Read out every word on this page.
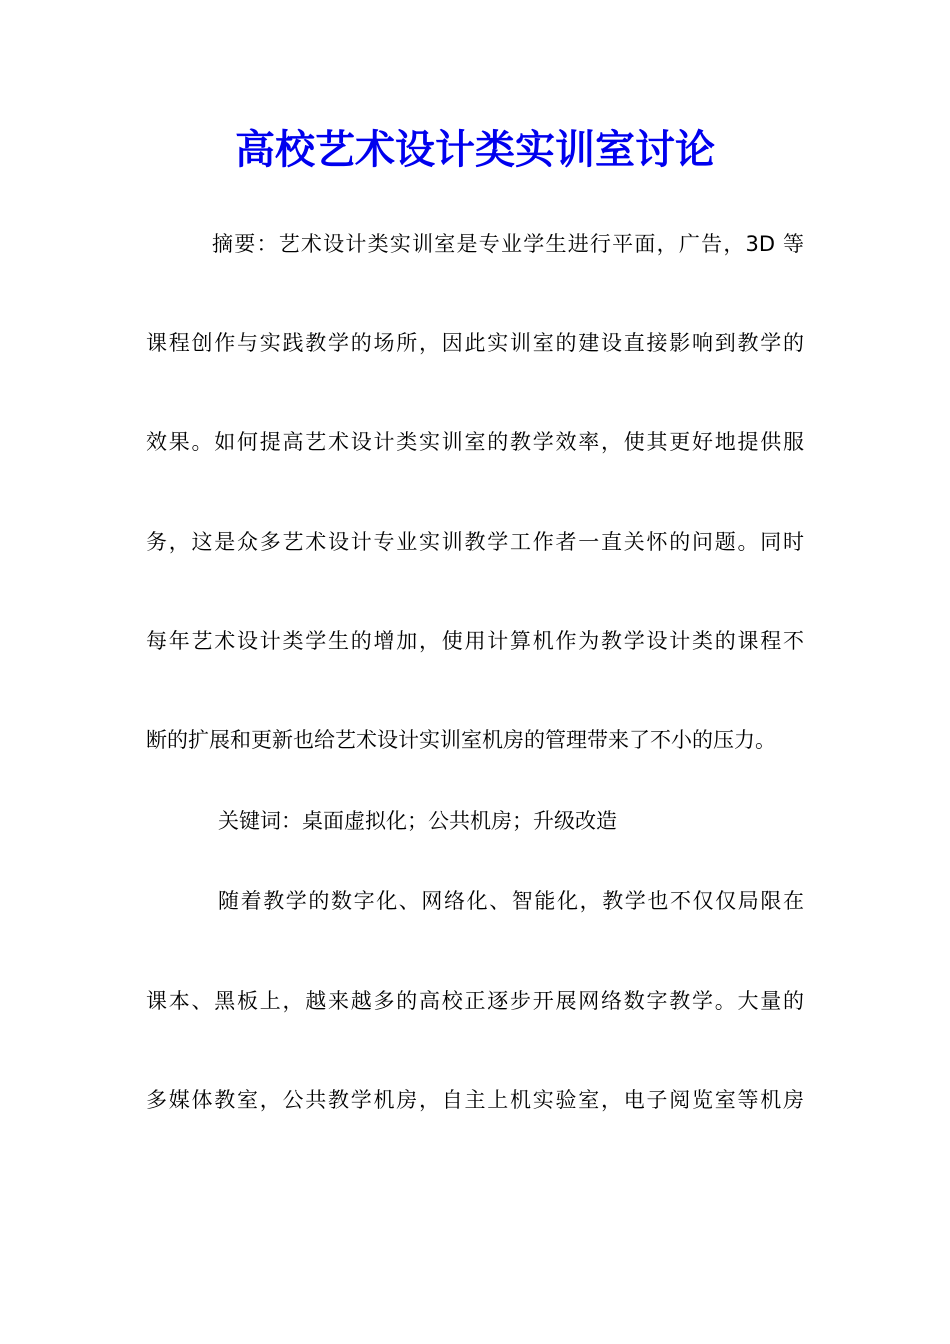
高校艺术设计类实训室讨论
摘要：艺术设计类实训室是专业学生进行平面，广告，3D 等
课程创作与实践教学的场所，因此实训室的建设直接影响到教学的
效果。如何提高艺术设计类实训室的教学效率，使其更好地提供服
务，这是众多艺术设计专业实训教学工作者一直关怀的问题。同时
每年艺术设计类学生的增加，使用计算机作为教学设计类的课程不
断的扩展和更新也给艺术设计实训室机房的管理带来了不小的压力。
关键词：桌面虚拟化；公共机房；升级改造
随着教学的数字化、网络化、智能化，教学也不仅仅局限在
课本、黑板上，越来越多的高校正逐步开展网络数字教学。大量的
多媒体教室，公共教学机房，自主上机实验室，电子阅览室等机房
